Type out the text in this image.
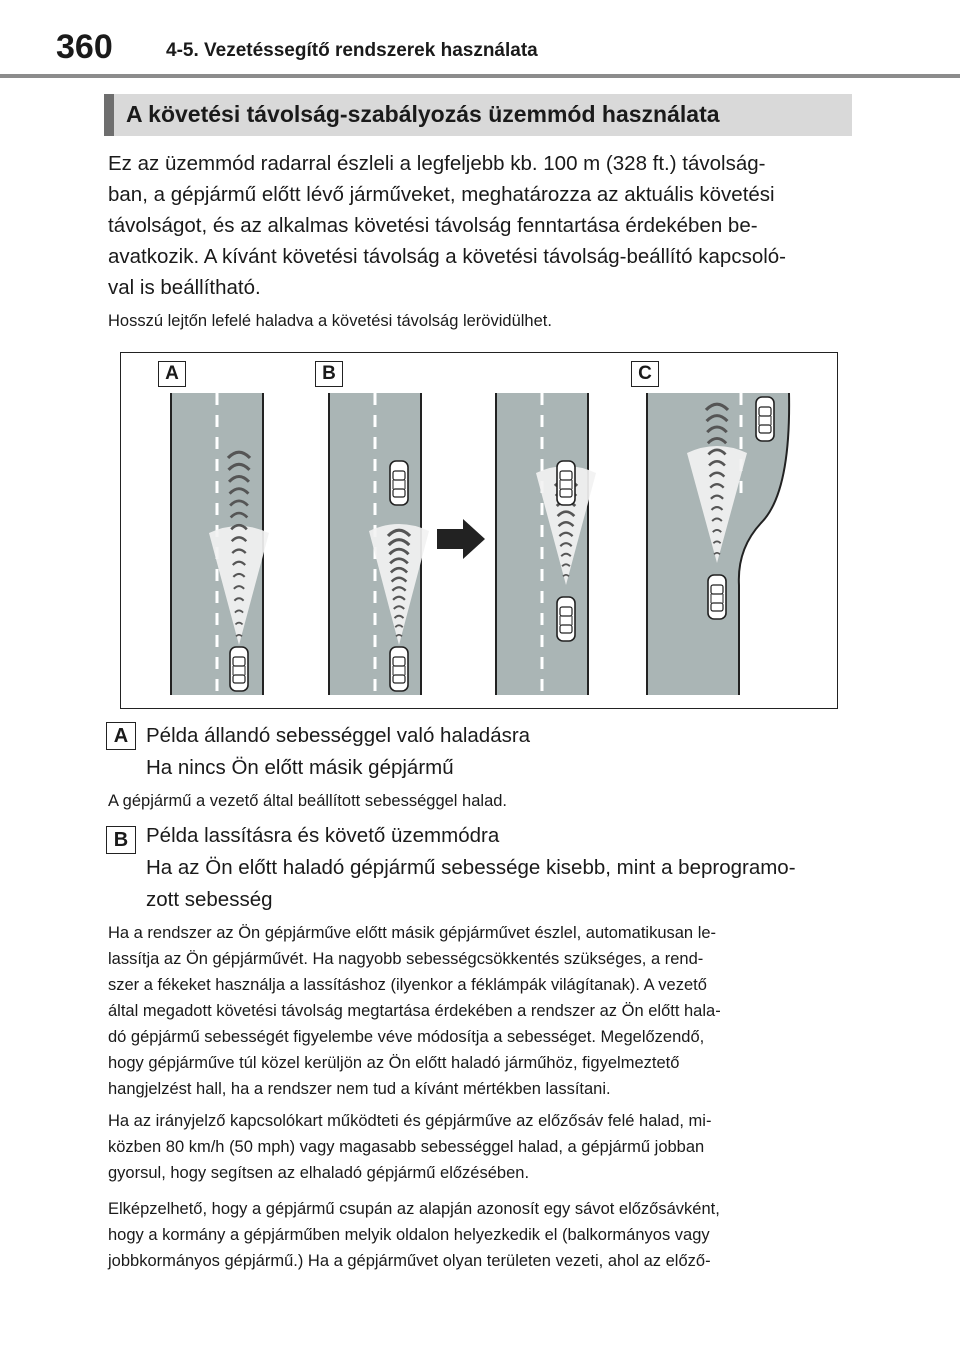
360	4-5. Vezetéssegítő rendszerek használata
A követési távolság-szabályozás üzemmód használata
Ez az üzemmód radarral észleli a legfeljebb kb. 100 m (328 ft.) távolság-
ban, a gépjármű előtt lévő járműveket, meghatározza az aktuális követési
távolságot, és az alkalmas követési távolság fenntartása érdekében be-
avatkozik. A kívánt követési távolság a követési távolság-beállító kapcsoló-
val is beállítható.
Hosszú lejtőn lefelé haladva a követési távolság lerövidülhet.
A	B	C
A Példa állandó sebességgel való haladásra
Ha nincs Ön előtt másik gépjármű
A gépjármű a vezető által beállított sebességgel halad.
B Példa lassításra és követő üzemmódra
Ha az Ön előtt haladó gépjármű sebessége kisebb, mint a beprogramo-
zott sebesség
Ha a rendszer az Ön gépjárműve előtt másik gépjárművet észlel, automatikusan le-
lassítja az Ön gépjárművét. Ha nagyobb sebességcsökkentés szükséges, a rend-
szer a fékeket használja a lassításhoz (ilyenkor a féklámpák világítanak). A vezető
által megadott követési távolság megtartása érdekében a rendszer az Ön előtt hala-
dó gépjármű sebességét figyelembe véve módosítja a sebességet. Megelőzendő,
hogy gépjárműve túl közel kerüljön az Ön előtt haladó járműhöz, figyelmeztető
hangjelzést hall, ha a rendszer nem tud a kívánt mértékben lassítani.
Ha az irányjelző kapcsolókart működteti és gépjárműve az előzősáv felé halad, mi-
közben 80 km/h (50 mph) vagy magasabb sebességgel halad, a gépjármű jobban
gyorsul, hogy segítsen az elhaladó gépjármű előzésében.
Elképzelhető, hogy a gépjármű csupán az alapján azonosít egy sávot előzősávként,
hogy a kormány a gépjárműben melyik oldalon helyezkedik el (balkormányos vagy
jobbkormányos gépjármű.) Ha a gépjárművet olyan területen vezeti, ahol az előző-
